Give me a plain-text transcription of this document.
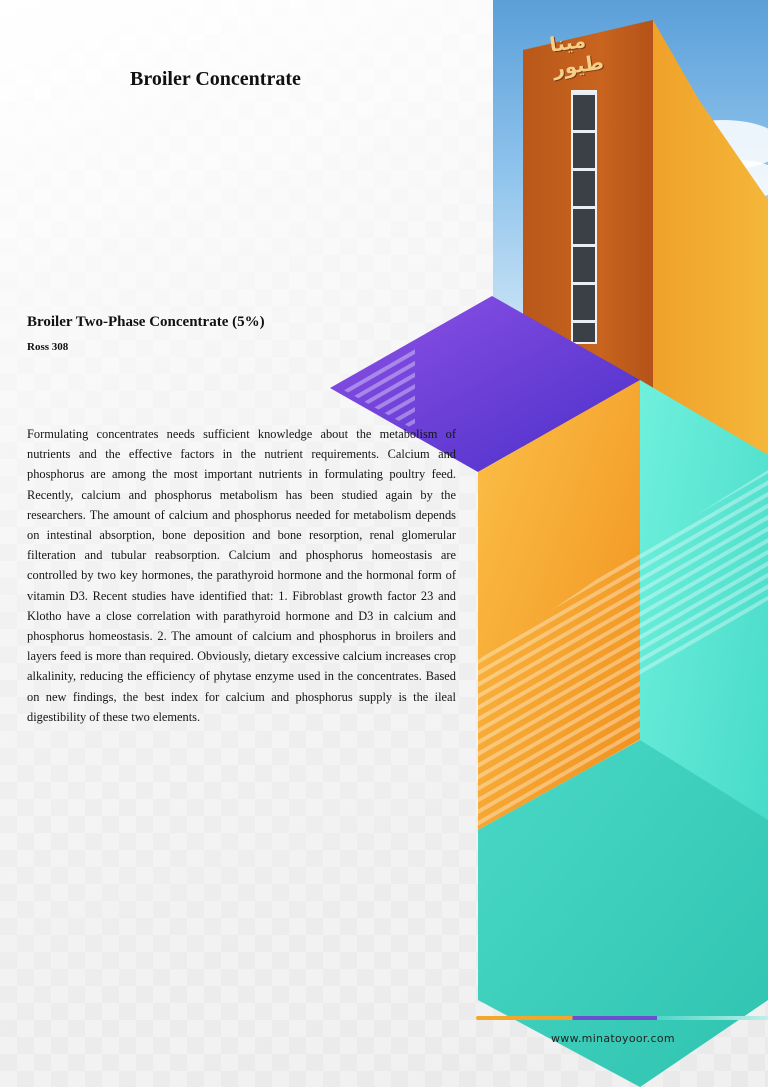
مینا طیور
Broiler Concentrate
Broiler Two-Phase Concentrate (5%)
Ross 308

Formulating concentrates needs sufficient knowledge about the metabolism of nutrients and the effective factors in the nutrient requirements. Calcium and phosphorus are among the most important nutrients in formulating poultry feed. Recently, calcium and phosphorus metabolism has been studied again by the researchers. The amount of calcium and phosphorus needed for metabolism depends on intestinal absorption, bone deposition and bone resorption, renal glomerular filteration and tubular reabsorption. Calcium and phosphorus homeostasis are controlled by two key hormones, the parathyroid hormone and the hormonal form of vitamin D3. Recent studies have identified that: 1. Fibroblast growth factor 23 and Klotho have a close correlation with parathyroid hormone and D3 in calcium and phosphorus homeostasis. 2. The amount of calcium and phosphorus in broilers and layers feed is more than required. Obviously, dietary excessive calcium increases crop alkalinity, reducing the efficiency of phytase enzyme used in the concentrates. Based on new findings, the best index for calcium and phosphorus supply is the ileal digestibility of these two elements.

www.minatoyoor.com
